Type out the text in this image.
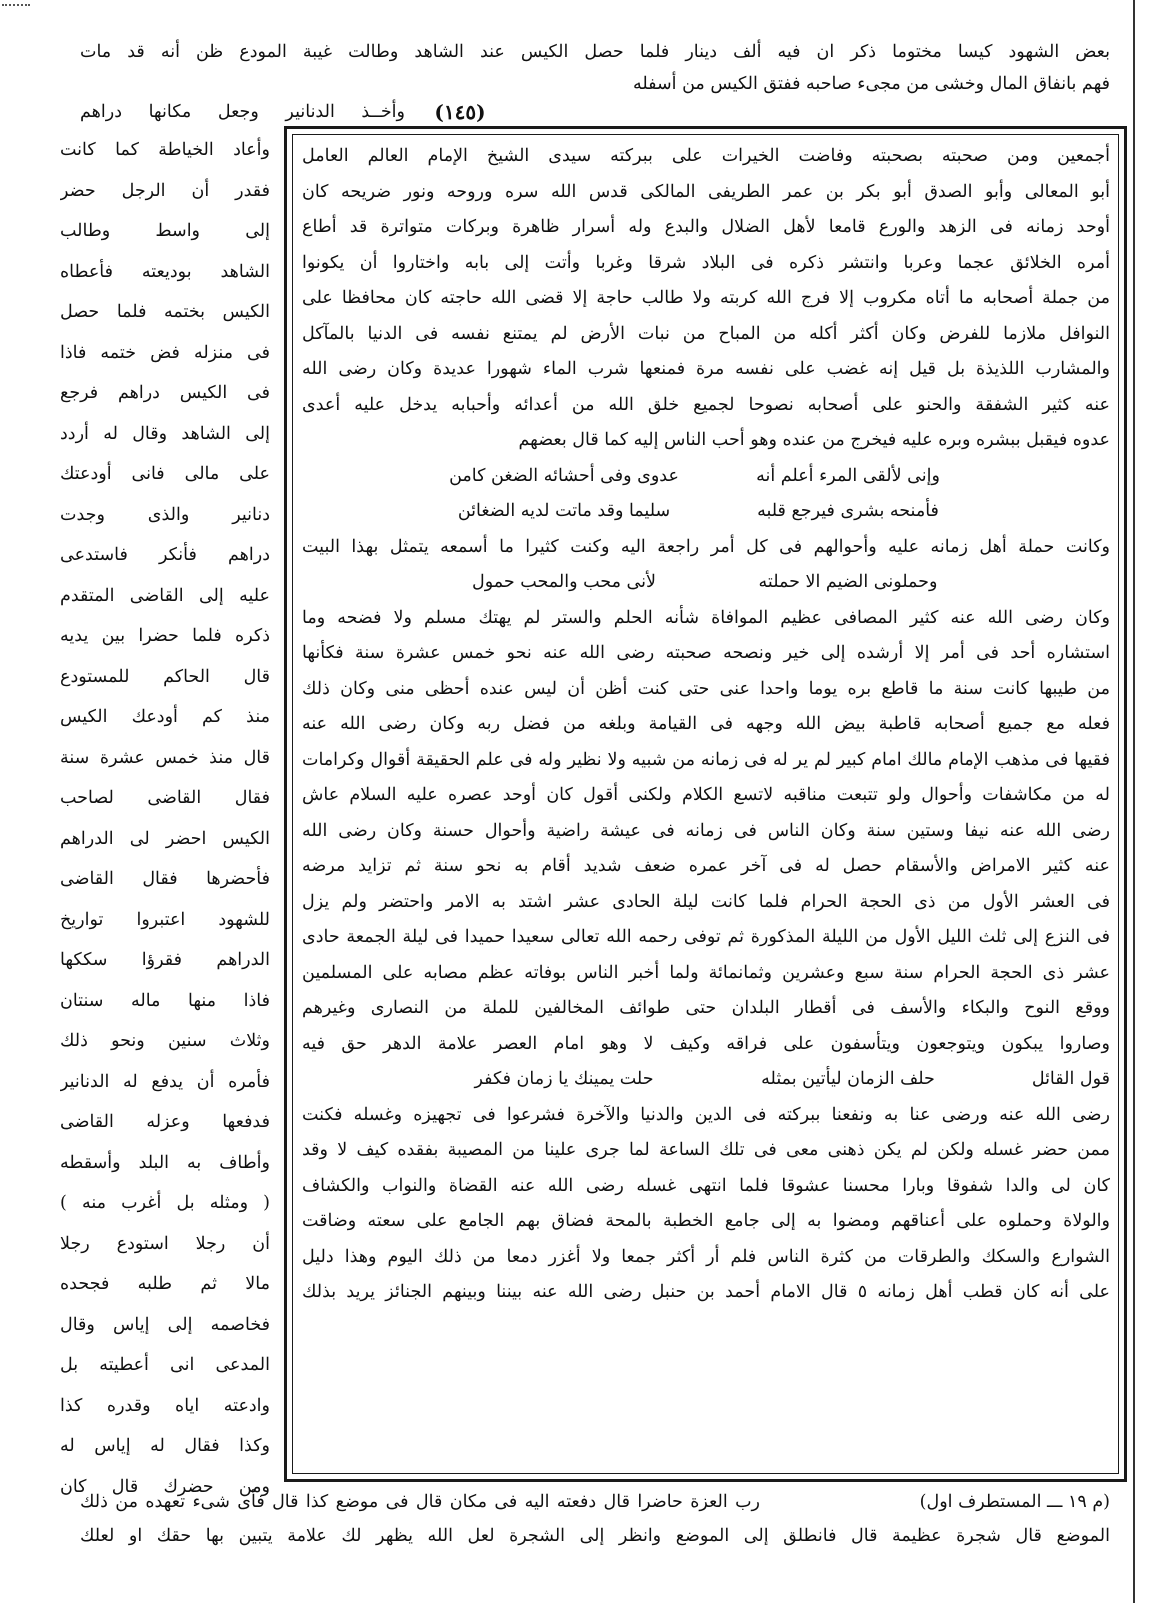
بعض الشهود كيسا مختوما ذكر ان فيه ألف دينار فلما حصل الكيس عند الشاهد وطالت غيبة المودع ظن أنه قد مات
فهم بانفاق المال وخشى من مجىء صاحبه ففتق الكيس من أسفله
(١٤٥)
وأخــذ الدنانير وجعل مكانها دراهم
وأعاد الخياطة كما كانت
فقدر أن الرجل حضر
إلى واسط وطالب
الشاهد بوديعته فأعطاه
الكيس بختمه فلما حصل
فى منزله فض ختمه فاذا
فى الكيس دراهم فرجع
إلى الشاهد وقال له أردد
على مالى فانى أودعتك
دنانير والذى وجدت
دراهم فأنكر فاستدعى
عليه إلى القاضى المتقدم
ذكره فلما حضرا بين يديه
قال الحاكم للمستودع
منذ كم أودعك الكيس
قال منذ خمس عشرة سنة
فقال القاضى لصاحب
الكيس احضر لى الدراهم
فأحضرها فقال القاضى
للشهود اعتبروا تواريخ
الدراهم فقرؤا سككها
فاذا منها ماله سنتان
وثلاث سنين ونحو ذلك
فأمره أن يدفع له الدنانير
فدفعها وعزله القاضى
وأطاف به البلد وأسقطه
( ومثله بل أغرب منه )
أن رجلا استودع رجلا
مالا ثم طلبه فجحده
فخاصمه إلى إياس وقال
المدعى انى أعطيته بل
وادعته اياه وقدره كذا
وكذا فقال له إياس له
ومن حضرك قال كان
أجمعين ومن صحبته بصحبته وفاضت الخيرات على ببركته سيدى الشيخ الإمام العالم العامل
أبو المعالى وأبو الصدق أبو بكر بن عمر الطريفى المالكى قدس الله سره وروحه ونور ضريحه كان
أوحد زمانه فى الزهد والورع قامعا لأهل الضلال والبدع وله أسرار ظاهرة وبركات متواترة قد أطاع
أمره الخلائق عجما وعربا وانتشر ذكره فى البلاد شرقا وغربا وأتت إلى بابه واختاروا أن يكونوا
من جملة أصحابه ما أتاه مكروب إلا فرج الله كربته ولا طالب حاجة إلا قضى الله حاجته كان محافظا على
النوافل ملازما للفرض وكان أكثر أكله من المباح من نبات الأرض لم يمتنع نفسه فى الدنيا بالمآكل
والمشارب اللذيذة بل قيل إنه غضب على نفسه مرة فمنعها شرب الماء شهورا عديدة وكان رضى الله
عنه كثير الشفقة والحنو على أصحابه نصوحا لجميع خلق الله من أعدائه وأحبابه يدخل عليه أعدى
عدوه فيقبل ببشره وبره عليه فيخرج من عنده وهو أحب الناس إليه كما قال بعضهم
وإنى لألقى المرء أعلم أنهعدوى وفى أحشائه الضغن كامن
فأمنحه بشرى فيرجع قلبهسليما وقد ماتت لديه الضغائن
وكانت حملة أهل زمانه عليه وأحوالهم فى كل أمر راجعة اليه وكنت كثيرا ما أسمعه يتمثل بهذا البيت
وحملونى الضيم الا حملتهلأنى محب والمحب حمول
وكان رضى الله عنه كثير المصافى عظيم الموافاة شأنه الحلم والستر لم يهتك مسلم ولا فضحه وما
استشاره أحد فى أمر إلا أرشده إلى خير ونصحه صحبته رضى الله عنه نحو خمس عشرة سنة فكأنها
من طيبها كانت سنة ما قاطع بره يوما واحدا عنى حتى كنت أظن أن ليس عنده أحظى منى وكان ذلك
فعله مع جميع أصحابه قاطبة بيض الله وجهه فى القيامة وبلغه من فضل ربه وكان رضى الله عنه
فقيها فى مذهب الإمام مالك امام كبير لم ير له فى زمانه من شبيه ولا نظير وله فى علم الحقيقة أقوال وكرامات
له من مكاشفات وأحوال ولو تتبعت مناقبه لاتسع الكلام ولكنى أقول كان أوحد عصره عليه السلام عاش
رضى الله عنه نيفا وستين سنة وكان الناس فى زمانه فى عيشة راضية وأحوال حسنة وكان رضى الله
عنه كثير الامراض والأسقام حصل له فى آخر عمره ضعف شديد أقام به نحو سنة ثم تزايد مرضه
فى العشر الأول من ذى الحجة الحرام فلما كانت ليلة الحادى عشر اشتد به الامر واحتضر ولم يزل
فى النزع إلى ثلث الليل الأول من الليلة المذكورة ثم توفى رحمه الله تعالى سعيدا حميدا فى ليلة الجمعة حادى
عشر ذى الحجة الحرام سنة سبع وعشرين وثمانمائة ولما أخبر الناس بوفاته عظم مصابه على المسلمين
ووقع النوح والبكاء والأسف فى أقطار البلدان حتى طوائف المخالفين للملة من النصارى وغيرهم
وصاروا يبكون ويتوجعون ويتأسفون على فراقه وكيف لا وهو امام العصر علامة الدهر حق فيه
قول القائل
حلف الزمان ليأتين بمثلهحلت يمينك يا زمان فكفر
رضى الله عنه ورضى عنا به ونفعنا ببركته فى الدين والدنيا والآخرة فشرعوا فى تجهيزه وغسله فكنت
ممن حضر غسله ولكن لم يكن ذهنى معى فى تلك الساعة لما جرى علينا من المصيبة بفقده كيف لا وقد
كان لى والدا شفوقا وبارا محسنا عشوقا فلما انتهى غسله رضى الله عنه القضاة والنواب والكشاف
والولاة وحملوه على أعناقهم ومضوا به إلى جامع الخطبة بالمحة فضاق بهم الجامع على سعته وضاقت
الشوارع والسكك والطرقات من كثرة الناس فلم أر أكثر جمعا ولا أغزر دمعا من ذلك اليوم وهذا دليل
على أنه كان قطب أهل زمانه ٥ قال الامام أحمد بن حنبل رضى الله عنه بيننا وبينهم الجنائز يريد بذلك
(م ١٩ ـــ المستطرف اول)
رب العزة حاضرا قال دفعته اليه فى مكان قال فى موضع كذا قال فأى شىء تعهده من ذلك
الموضع قال شجرة عظيمة قال فانطلق إلى الموضع وانظر إلى الشجرة لعل الله يظهر لك علامة يتبين بها حقك او لعلك
